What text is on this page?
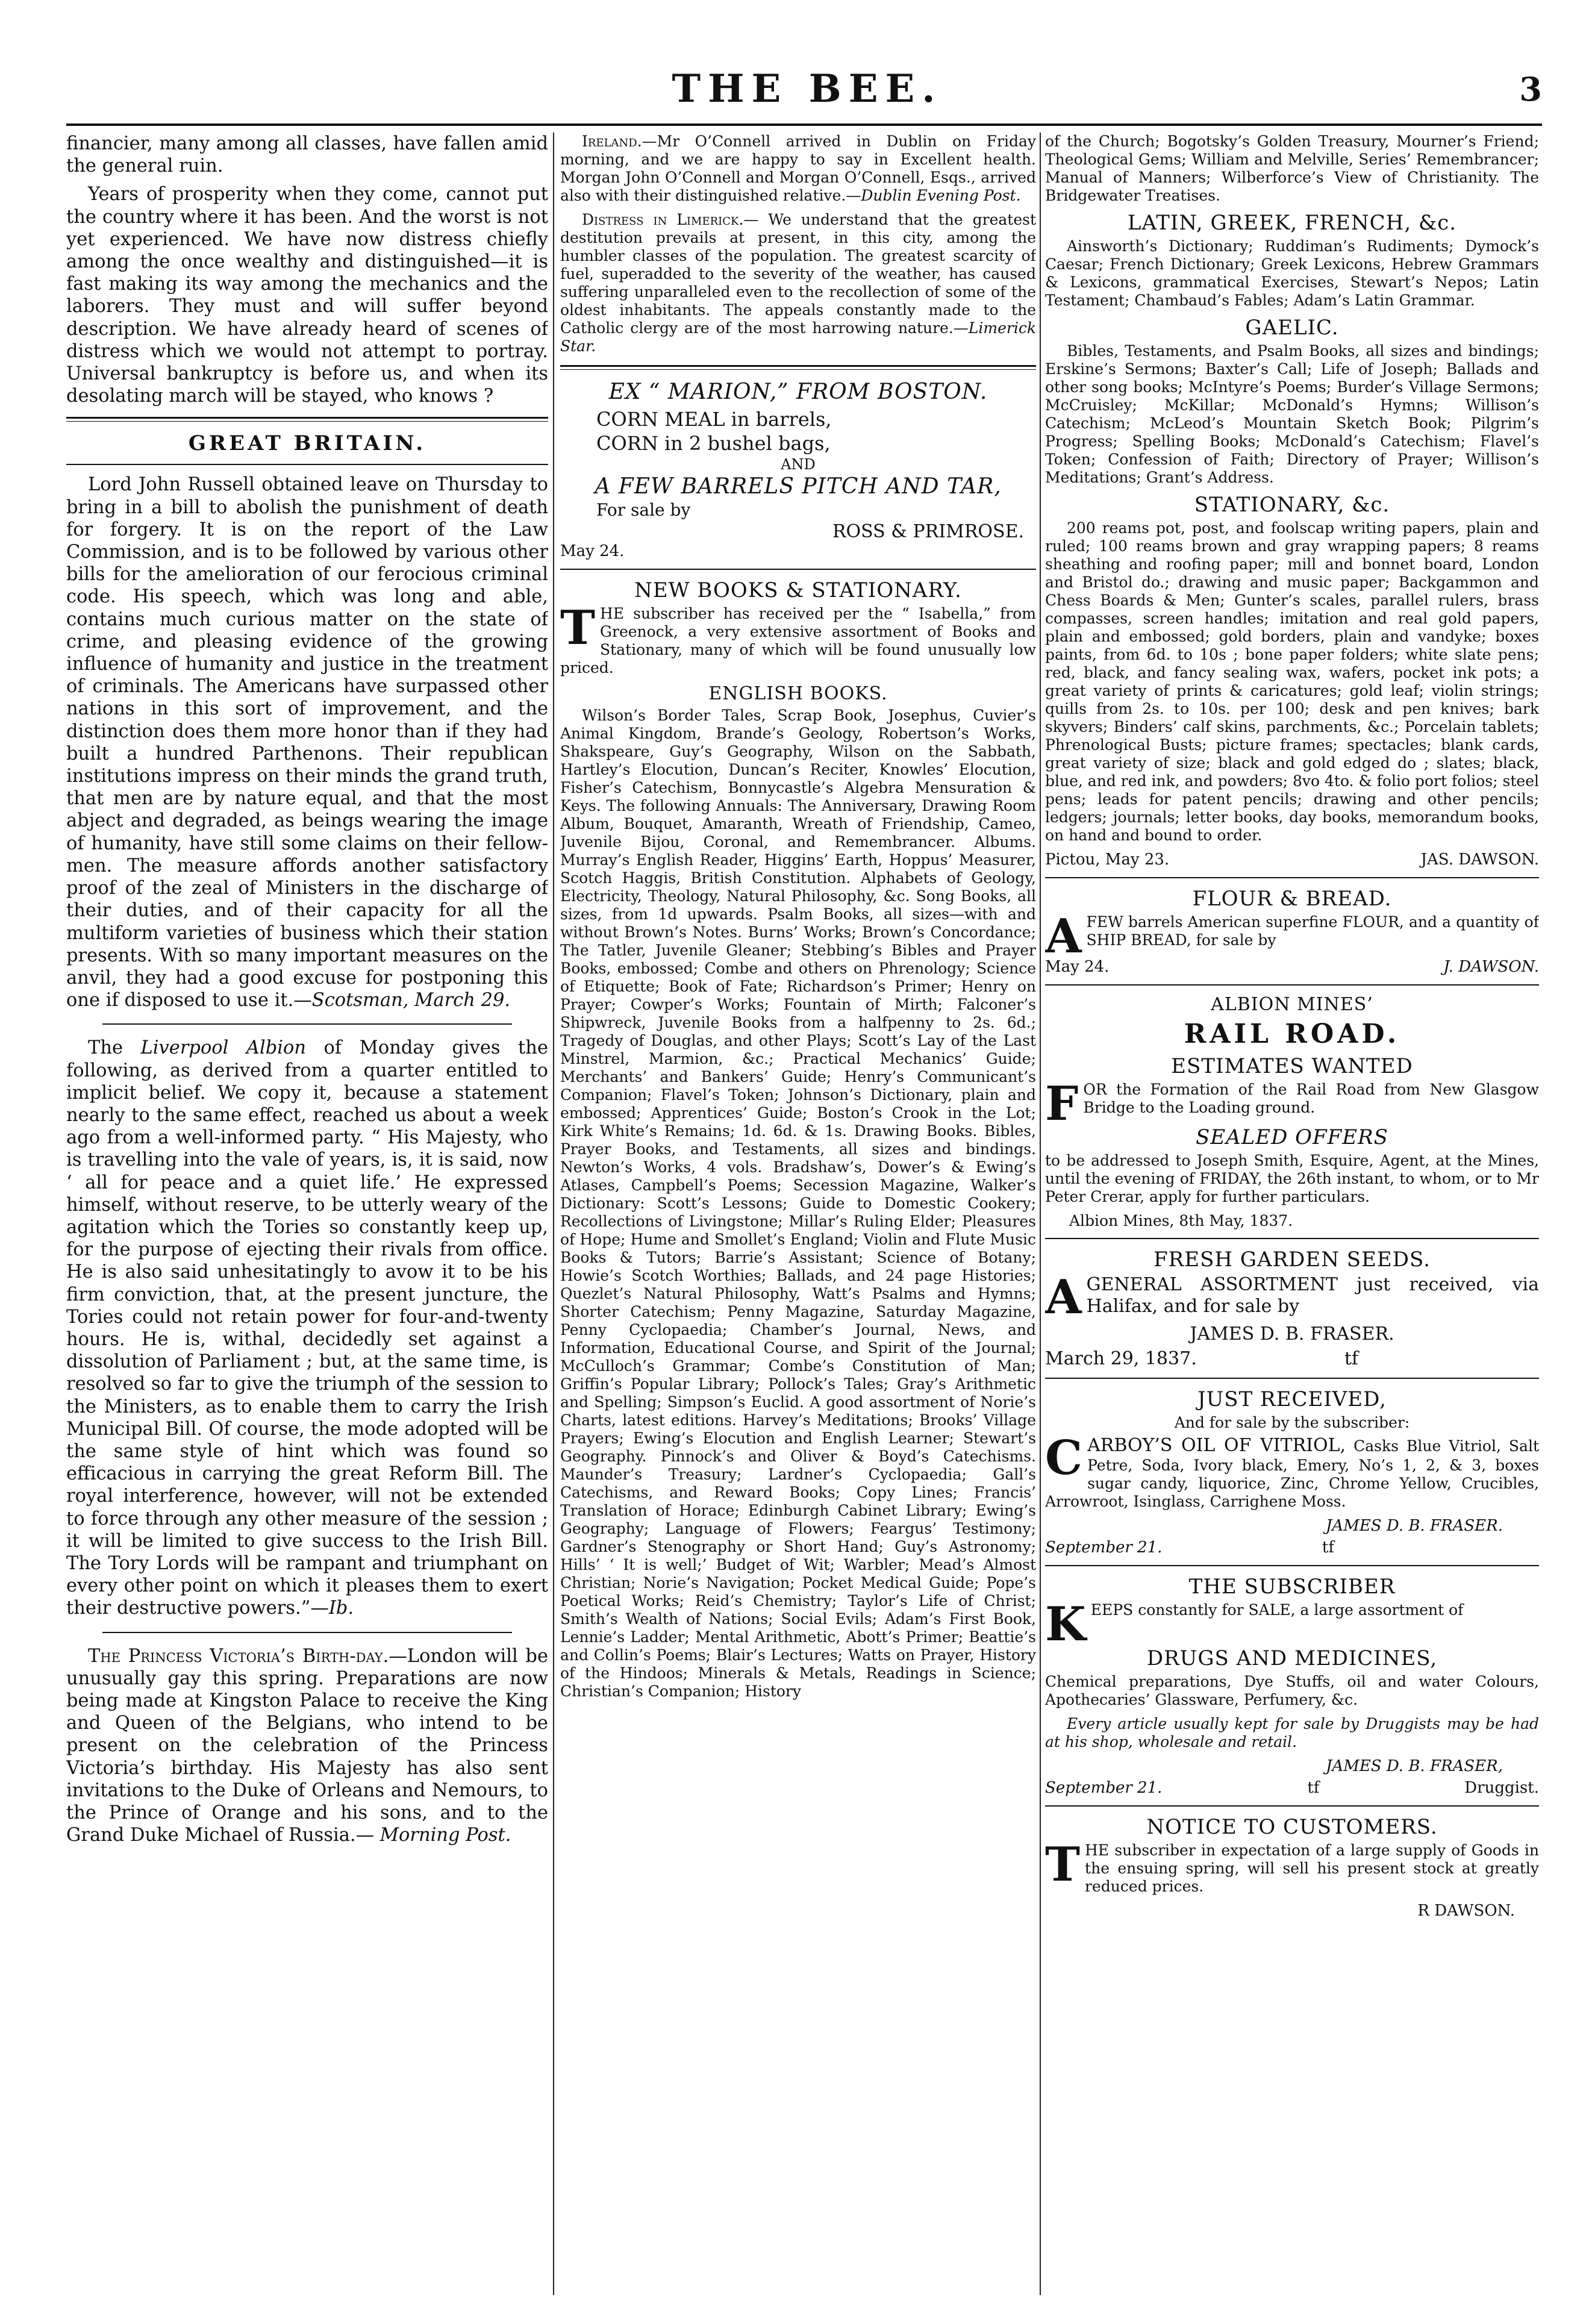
THE BEE.	3

financier, many among all classes, have fallen amid the general ruin.

Years of prosperity when they come, cannot put the country where it has been. And the worst is not yet experienced. We have now distress chiefly among the once wealthy and distinguished—it is fast making its way among the mechanics and the laborers. They must and will suffer beyond description. We have already heard of scenes of distress which we would not attempt to portray. Universal bankruptcy is before us, and when its desolating march will be stayed, who knows ?

GREAT BRITAIN.

Lord John Russell obtained leave on Thursday to bring in a bill to abolish the punishment of death for forgery. It is on the report of the Law Commission, and is to be followed by various other bills for the amelioration of our ferocious criminal code. His speech, which was long and able, contains much curious matter on the state of crime, and pleasing evidence of the growing influence of humanity and justice in the treatment of criminals. The Americans have surpassed other nations in this sort of improvement, and the distinction does them more honor than if they had built a hundred Parthenons. Their republican institutions impress on their minds the grand truth, that men are by nature equal, and that the most abject and degraded, as beings wearing the image of humanity, have still some claims on their fellow-men. The measure affords another satisfactory proof of the zeal of Ministers in the discharge of their duties, and of their capacity for all the multiform varieties of business which their station presents. With so many important measures on the anvil, they had a good excuse for postponing this one if disposed to use it.—Scotsman, March 29.

The Liverpool Albion of Monday gives the following, as derived from a quarter entitled to implicit belief. We copy it, because a statement nearly to the same effect, reached us about a week ago from a well-informed party. “ His Majesty, who is travelling into the vale of years, is, it is said, now ‘ all for peace and a quiet life.’ He expressed himself, without reserve, to be utterly weary of the agitation which the Tories so constantly keep up, for the purpose of ejecting their rivals from office. He is also said unhesitatingly to avow it to be his firm conviction, that, at the present juncture, the Tories could not retain power for four-and-twenty hours. He is, withal, decidedly set against a dissolution of Parliament ; but, at the same time, is resolved so far to give the triumph of the session to the Ministers, as to enable them to carry the Irish Municipal Bill. Of course, the mode adopted will be the same style of hint which was found so efficacious in carrying the great Reform Bill. The royal interference, however, will not be extended to force through any other measure of the session ; it will be limited to give success to the Irish Bill. The Tory Lords will be rampant and triumphant on every other point on which it pleases them to exert their destructive powers.”—Ib.

The Princess Victoria’s Birth-day.—London will be unusually gay this spring. Preparations are now being made at Kingston Palace to receive the King and Queen of the Belgians, who intend to be present on the celebration of the Princess Victoria’s birthday. His Majesty has also sent invitations to the Duke of Orleans and Nemours, to the Prince of Orange and his sons, and to the Grand Duke Michael of Russia.— Morning Post.

Ireland.—Mr O’Connell arrived in Dublin on Friday morning, and we are happy to say in Excellent health. Morgan John O’Connell and Morgan O’Connell, Esqs., arrived also with their distinguished relative.—Dublin Evening Post.

Distress in Limerick.— We understand that the greatest destitution prevails at present, in this city, among the humbler classes of the population. The greatest scarcity of fuel, superadded to the severity of the weather, has caused suffering unparalleled even to the recollection of some of the oldest inhabitants. The appeals constantly made to the Catholic clergy are of the most harrowing nature.—Limerick Star.

EX “ MARION,” FROM BOSTON.
CORN MEAL in barrels,
CORN in 2 bushel bags,
AND
A FEW BARRELS PITCH AND TAR,
For sale by
ROSS & PRIMROSE.
May 24.
NEW BOOKS & STATIONARY.

THE subscriber has received per the “ Isabella,” from Greenock, a very extensive assortment of Books and Stationary, many of which will be found unusually low priced.

ENGLISH BOOKS.

Wilson’s Border Tales, Scrap Book, Josephus, Cuvier’s Animal Kingdom, Brande’s Geology, Robertson’s Works, Shakspeare, Guy’s Geography, Wilson on the Sabbath, Hartley’s Elocution, Duncan’s Reciter, Knowles’ Elocution, Fisher’s Catechism, Bonnycastle’s Algebra Mensuration & Keys. The following Annuals: The Anniversary, Drawing Room Album, Bouquet, Amaranth, Wreath of Friendship, Cameo, Juvenile Bijou, Coronal, and Remembrancer. Albums. Murray’s English Reader, Higgins’ Earth, Hoppus’ Measurer, Scotch Haggis, British Constitution. Alphabets of Geology, Electricity, Theology, Natural Philosophy, &c. Song Books, all sizes, from 1d upwards. Psalm Books, all sizes—with and without Brown’s Notes. Burns’ Works; Brown’s Concordance; The Tatler, Juvenile Gleaner; Stebbing’s Bibles and Prayer Books, embossed; Combe and others on Phrenology; Science of Etiquette; Book of Fate; Richardson’s Primer; Henry on Prayer; Cowper’s Works; Fountain of Mirth; Falconer’s Shipwreck, Juvenile Books from a halfpenny to 2s. 6d.; Tragedy of Douglas, and other Plays; Scott’s Lay of the Last Minstrel, Marmion, &c.; Practical Mechanics’ Guide; Merchants’ and Bankers’ Guide; Henry’s Communicant’s Companion; Flavel’s Token; Johnson’s Dictionary, plain and embossed; Apprentices’ Guide; Boston’s Crook in the Lot; Kirk White’s Remains; 1d. 6d. & 1s. Drawing Books. Bibles, Prayer Books, and Testaments, all sizes and bindings. Newton’s Works, 4 vols. Bradshaw’s, Dower’s & Ewing’s Atlases, Campbell’s Poems; Secession Magazine, Walker’s Dictionary: Scott’s Lessons; Guide to Domestic Cookery; Recollections of Livingstone; Millar’s Ruling Elder; Pleasures of Hope; Hume and Smollet’s England; Violin and Flute Music Books & Tutors; Barrie’s Assistant; Science of Botany; Howie’s Scotch Worthies; Ballads, and 24 page Histories; Quezlet’s Natural Philosophy, Watt’s Psalms and Hymns; Shorter Catechism; Penny Magazine, Saturday Magazine, Penny Cyclopaedia; Chamber’s Journal, News, and Information, Educational Course, and Spirit of the Journal; McCulloch’s Grammar; Combe’s Constitution of Man; Griffin’s Popular Library; Pollock’s Tales; Gray’s Arithmetic and Spelling; Simpson’s Euclid. A good assortment of Norie’s Charts, latest editions. Harvey’s Meditations; Brooks’ Village Prayers; Ewing’s Elocution and English Learner; Stewart’s Geography. Pinnock’s and Oliver & Boyd’s Catechisms. Maunder’s Treasury; Lardner’s Cyclopaedia; Gall’s Catechisms, and Reward Books; Copy Lines; Francis’ Translation of Horace; Edinburgh Cabinet Library; Ewing’s Geography; Language of Flowers; Feargus’ Testimony; Gardner’s Stenography or Short Hand; Guy’s Astronomy; Hills’ ‘ It is well;’ Budget of Wit; Warbler; Mead’s Almost Christian; Norie’s Navigation; Pocket Medical Guide; Pope’s Poetical Works; Reid’s Chemistry; Taylor’s Life of Christ; Smith’s Wealth of Nations; Social Evils; Adam’s First Book, Lennie’s Ladder; Mental Arithmetic, Abott’s Primer; Beattie’s and Collin’s Poems; Blair’s Lectures; Watts on Prayer, History of the Hindoos; Minerals & Metals, Readings in Science; Christian’s Companion; History

of the Church; Bogotsky’s Golden Treasury, Mourner’s Friend; Theological Gems; William and Melville, Series’ Remembrancer; Manual of Manners; Wilberforce’s View of Christianity. The Bridgewater Treatises.

LATIN, GREEK, FRENCH, &c.

Ainsworth’s Dictionary; Ruddiman’s Rudiments; Dymock’s Caesar; French Dictionary; Greek Lexicons, Hebrew Grammars & Lexicons, grammatical Exercises, Stewart’s Nepos; Latin Testament; Chambaud’s Fables; Adam’s Latin Grammar.

GAELIC.

Bibles, Testaments, and Psalm Books, all sizes and bindings; Erskine’s Sermons; Baxter’s Call; Life of Joseph; Ballads and other song books; McIntyre’s Poems; Burder’s Village Sermons; McCruisley; McKillar; McDonald’s Hymns; Willison’s Catechism; McLeod’s Mountain Sketch Book; Pilgrim’s Progress; Spelling Books; McDonald’s Catechism; Flavel’s Token; Confession of Faith; Directory of Prayer; Willison’s Meditations; Grant’s Address.

STATIONARY, &c.

200 reams pot, post, and foolscap writing papers, plain and ruled; 100 reams brown and gray wrapping papers; 8 reams sheathing and roofing paper; mill and bonnet board, London and Bristol do.; drawing and music paper; Backgammon and Chess Boards & Men; Gunter’s scales, parallel rulers, brass compasses, screen handles; imitation and real gold papers, plain and embossed; gold borders, plain and vandyke; boxes paints, from 6d. to 10s ; bone paper folders; white slate pens; red, black, and fancy sealing wax, wafers, pocket ink pots; a great variety of prints & caricatures; gold leaf; violin strings; quills from 2s. to 10s. per 100; desk and pen knives; bark skyvers; Binders’ calf skins, parchments, &c.; Porcelain tablets; Phrenological Busts; picture frames; spectacles; blank cards, great variety of size; black and gold edged do ; slates; black, blue, and red ink, and powders; 8vo 4to. & folio port folios; steel pens; leads for patent pencils; drawing and other pencils; ledgers; journals; letter books, day books, memorandum books, on hand and bound to order.

Pictou, May 23.	JAS. DAWSON.
FLOUR & BREAD.

AFEW barrels American superfine FLOUR, and a quantity of SHIP BREAD, for sale by

May 24.	J. DAWSON.
ALBION MINES’
RAIL ROAD.
ESTIMATES WANTED

FOR the Formation of the Rail Road from New Glasgow Bridge to the Loading ground.

SEALED OFFERS

to be addressed to Joseph Smith, Esquire, Agent, at the Mines, until the evening of FRIDAY, the 26th instant, to whom, or to Mr Peter Crerar, apply for further particulars.

Albion Mines, 8th May, 1837.
FRESH GARDEN SEEDS.

AGENERAL ASSORTMENT just received, via Halifax, and for sale by

JAMES D. B. FRASER.
March 29, 1837.	tf
JUST RECEIVED,
And for sale by the subscriber:

CARBOY’S OIL OF VITRIOL, Casks Blue Vitriol, Salt Petre, Soda, Ivory black, Emery, No’s 1, 2, & 3, boxes sugar candy, liquorice, Zinc, Chrome Yellow, Crucibles, Arrowroot, Isinglass, Carrighene Moss.

JAMES D. B. FRASER.
September 21.	tf
THE SUBSCRIBER

KEEPS constantly for SALE, a large assortment of

DRUGS AND MEDICINES,

Chemical preparations, Dye Stuffs, oil and water Colours, Apothecaries’ Glassware, Perfumery, &c.

Every article usually kept for sale by Druggists may be had at his shop, wholesale and retail.

JAMES D. B. FRASER,
September 21.	tf	Druggist.
NOTICE TO CUSTOMERS.

THE subscriber in expectation of a large supply of Goods in the ensuing spring, will sell his present stock at greatly reduced prices.

R DAWSON.
